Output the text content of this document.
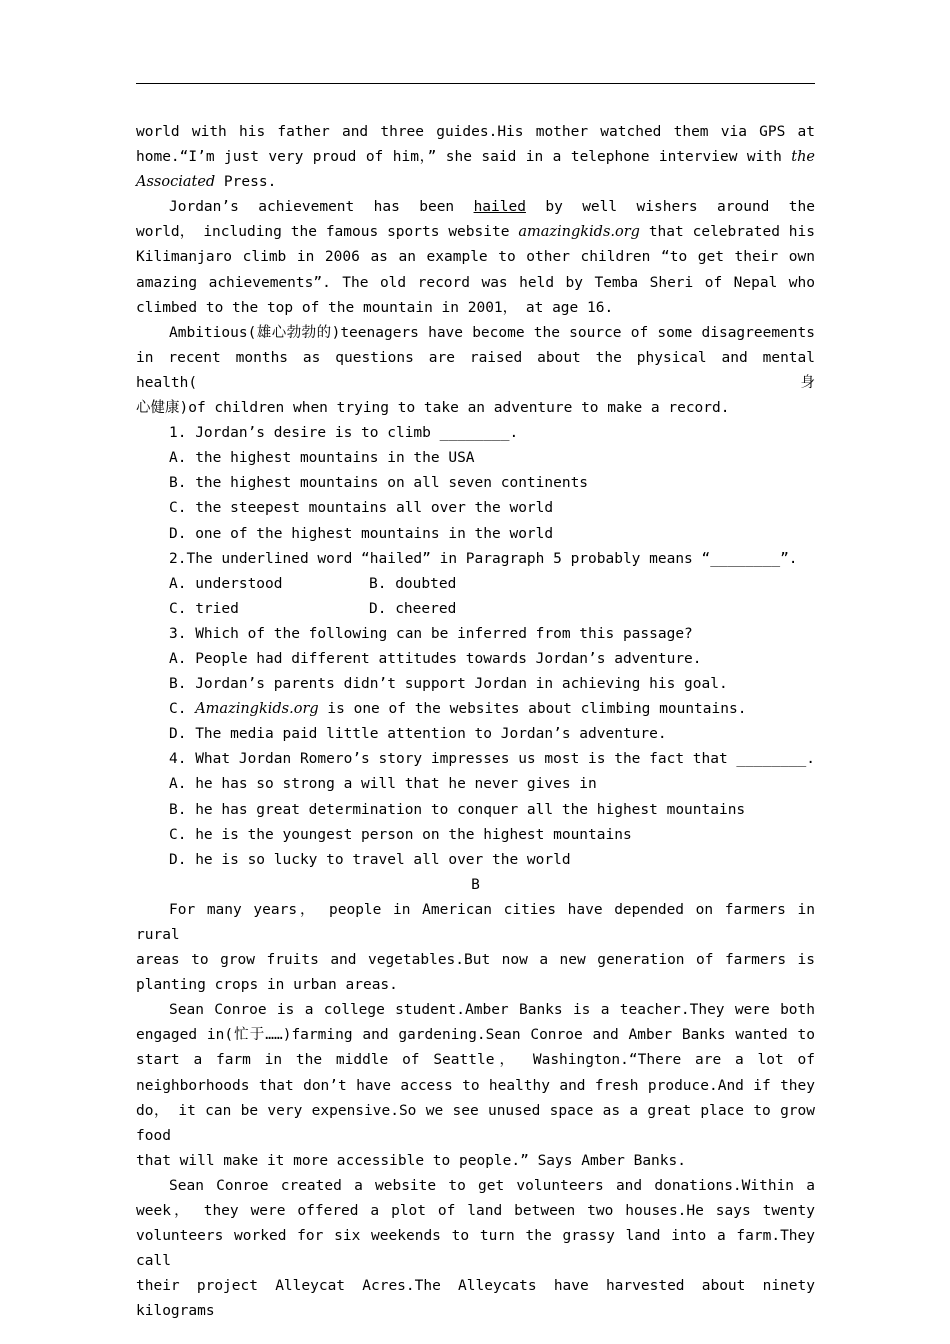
world with his father and three guides.His mother watched them via GPS at

home.“I’m just very proud of him，” she said in a telephone interview with the

Associated Press.

Jordan’s achievement has been hailed by well wishers around the

world， including the famous sports website amazingkids.org that celebrated his

Kilimanjaro climb in 2006 as an example to other children “to get their own

amazing achievements”. The old record was held by Temba Sheri of Nepal who

climbed to the top of the mountain in 2001， at age 16.

Ambitious(雄心勃勃的)teenagers have become the source of some disagreements

in recent months as questions are raised about the physical and mental health(身

心健康)of children when trying to take an adventure to make a record.

1. Jordan’s desire is to climb ________.

A. the highest mountains in the USA

B. the highest mountains on all seven continents

C. the steepest mountains all over the world

D. one of the highest mountains in the world

2.The underlined word “hailed” in Paragraph 5 probably means “________”.

A. understood	B. doubted

C. tried	D. cheered

3. Which of the following can be inferred from this passage?

A. People had different attitudes towards Jordan’s adventure.

B. Jordan’s parents didn’t support Jordan in achieving his goal.

C. Amazingkids.org is one of the websites about climbing mountains.

D. The media paid little attention to Jordan’s adventure.

4. What Jordan Romero’s story impresses us most is the fact that ________.

A. he has so strong a will that he never gives in

B. he has great determination to conquer all the highest mountains

C. he is the youngest person on the highest mountains

D. he is so lucky to travel all over the world

B

For many years， people in American cities have depended on farmers in rural

areas to grow fruits and vegetables.But now a new generation of farmers is

planting crops in urban areas.

Sean Conroe is a college student.Amber Banks is a teacher.They were both

engaged in(忙于……)farming and gardening.Sean Conroe and Amber Banks wanted to

start a farm in the middle of Seattle， Washington.“There are a lot of

neighborhoods that don’t have access to healthy and fresh produce.And if they

do， it can be very expensive.So we see unused space as a great place to grow food

that will make it more accessible to people.” Says Amber Banks.

Sean Conroe created a website to get volunteers and donations.Within a

week， they were offered a plot of land between two houses.He says twenty

volunteers worked for six weekends to turn the grassy land into a farm.They call

their project Alleycat Acres.The Alleycats have harvested about ninety kilograms
